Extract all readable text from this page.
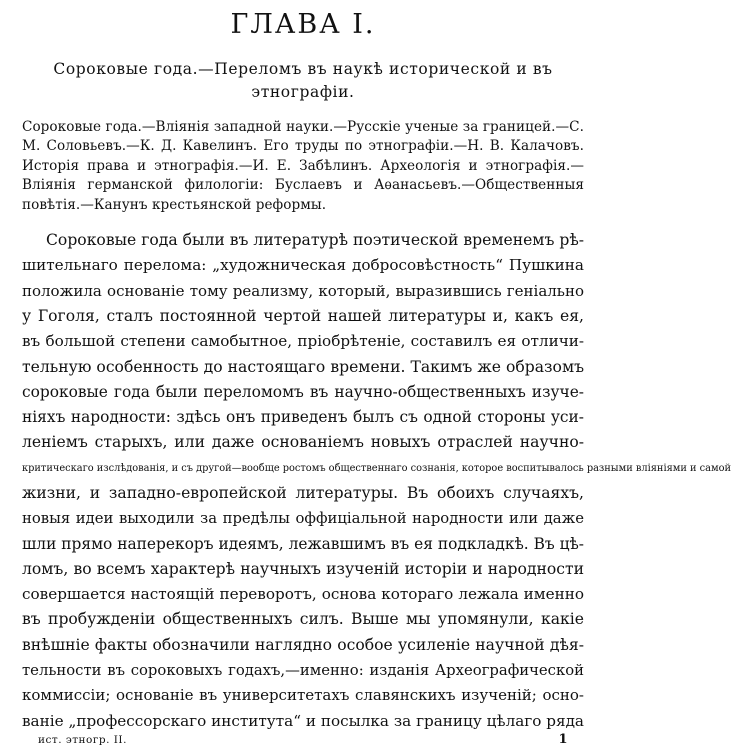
ГЛАВА I.
Сороковые года.—Переломъ въ наукѣ исторической и въ этнографіи.

Сороковые года.—Вліянія западной науки.—Русскіе ученые за границей.—С. М. Соловьевъ.—К. Д. Кавелинъ. Его труды по этнографіи.—Н. В. Калачовъ. Исторія права и этнографія.—И. Е. Забѣлинъ. Археологія и этнографія.—Вліянія германской филологіи: Буслаевъ и Аѳанасьевъ.—Общественныя повѣтія.—Канунъ крестьянской реформы.

Сороковые года были въ литературѣ поэтической временемъ рѣ-
шительнаго перелома: „художническая добросовѣстность“ Пушкина
положила основаніе тому реализму, который, выразившись геніально
у Гоголя, сталъ постоянной чертой нашей литературы и, какъ ея,
въ большой степени самобытное, пріобрѣтеніе, составилъ ея отличи-
тельную особенность до настоящаго времени. Такимъ же образомъ
сороковые года были переломомъ въ научно-общественныхъ изуче-
ніяхъ народности: здѣсь онъ приведенъ былъ съ одной стороны уси-
леніемъ старыхъ, или даже основаніемъ новыхъ отраслей научно-
критическаго изслѣдованія, и съ другой—вообще ростомъ общественнаго сознанія, которое воспитывалось разными вліяніями и самой
жизни, и западно-европейской литературы. Въ обоихъ случаяхъ,
новыя идеи выходили за предѣлы оффиціальной народности или даже
шли прямо наперекоръ идеямъ, лежавшимъ въ ея подкладкѣ. Въ цѣ-
ломъ, во всемъ характерѣ научныхъ изученій исторіи и народности
совершается настоящій переворотъ, основа котораго лежала именно
въ пробужденіи общественныхъ силъ. Выше мы упомянули, какіе
внѣшніе факты обозначили наглядно особое усиленіе научной дѣя-
тельности въ сороковыхъ годахъ,—именно: изданія Археографической
коммиссіи; основаніе въ университетахъ славянскихъ изученій; осно-
ваніе „профессорскаго института“ и посылка за границу цѣлаго ряда
ист. этногр. II.	1
